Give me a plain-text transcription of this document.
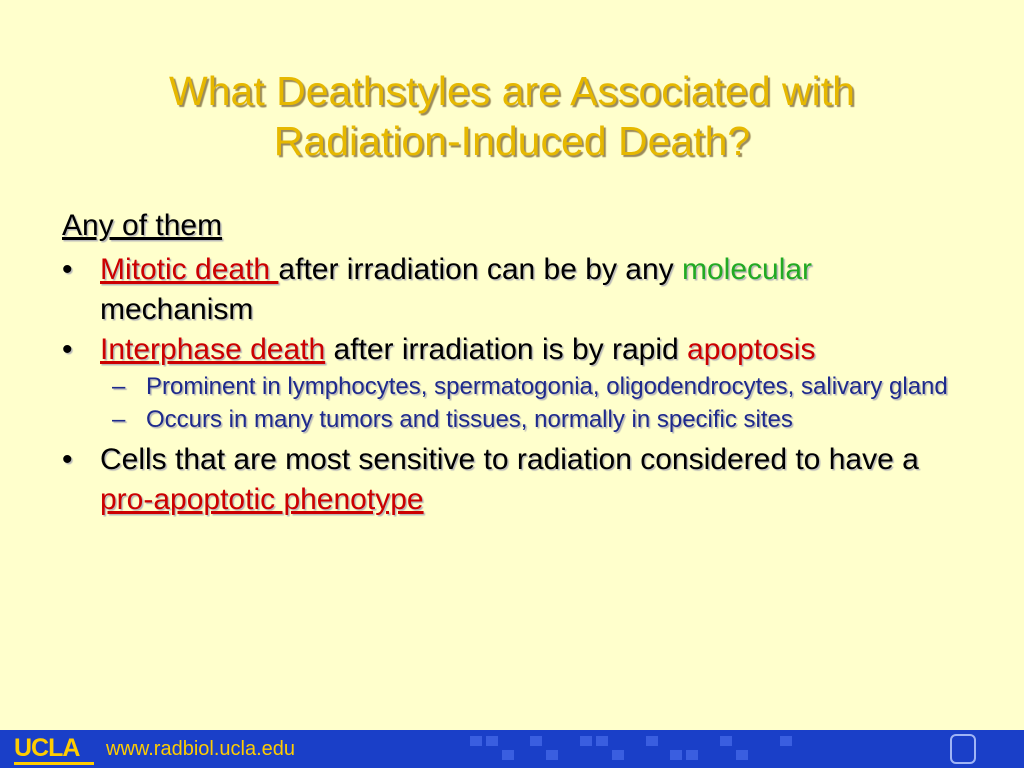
What Deathstyles are Associated with
Radiation-Induced Death?
Any of them
• Mitotic death after irradiation can be by any molecular
mechanism
• Interphase death after irradiation is by rapid apoptosis
– Prominent in lymphocytes, spermatogonia, oligodendrocytes, salivary gland
– Occurs in many tumors and tissues, normally in specific sites
• Cells that are most sensitive to radiation considered to have a pro-apoptotic phenotype
UCLA www.radbiol.ucla.edu
